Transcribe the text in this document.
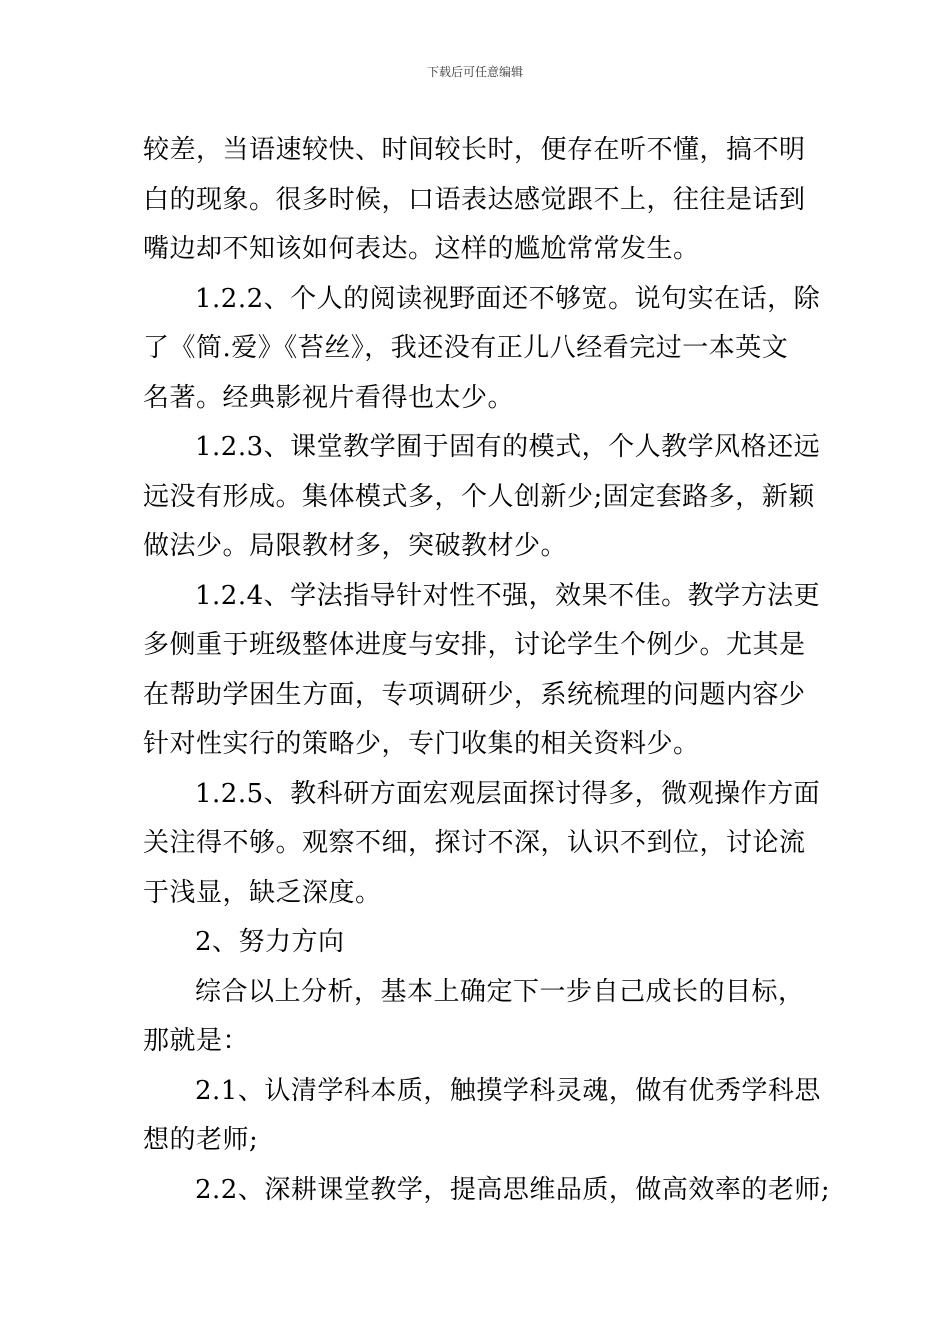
下载后可任意编辑

较差，当语速较快、时间较长时，便存在听不懂，搞不明
白的现象。很多时候，口语表达感觉跟不上，往往是话到
嘴边却不知该如何表达。这样的尴尬常常发生。

1.2.2、个人的阅读视野面还不够宽。说句实在话，除
了《简.爱》《苔丝》，我还没有正儿八经看完过一本英文
名著。经典影视片看得也太少。

1.2.3、课堂教学囿于固有的模式，个人教学风格还远
远没有形成。集体模式多，个人创新少;固定套路多，新颖
做法少。局限教材多，突破教材少。

1.2.4、学法指导针对性不强，效果不佳。教学方法更
多侧重于班级整体进度与安排，讨论学生个例少。尤其是
在帮助学困生方面，专项调研少，系统梳理的问题内容少
针对性实行的策略少，专门收集的相关资料少。

1.2.5、教科研方面宏观层面探讨得多，微观操作方面
关注得不够。观察不细，探讨不深，认识不到位，讨论流
于浅显，缺乏深度。

2、努力方向

综合以上分析，基本上确定下一步自己成长的目标，
那就是：

2.1、认清学科本质，触摸学科灵魂，做有优秀学科思
想的老师;

2.2、深耕课堂教学，提高思维品质，做高效率的老师;
